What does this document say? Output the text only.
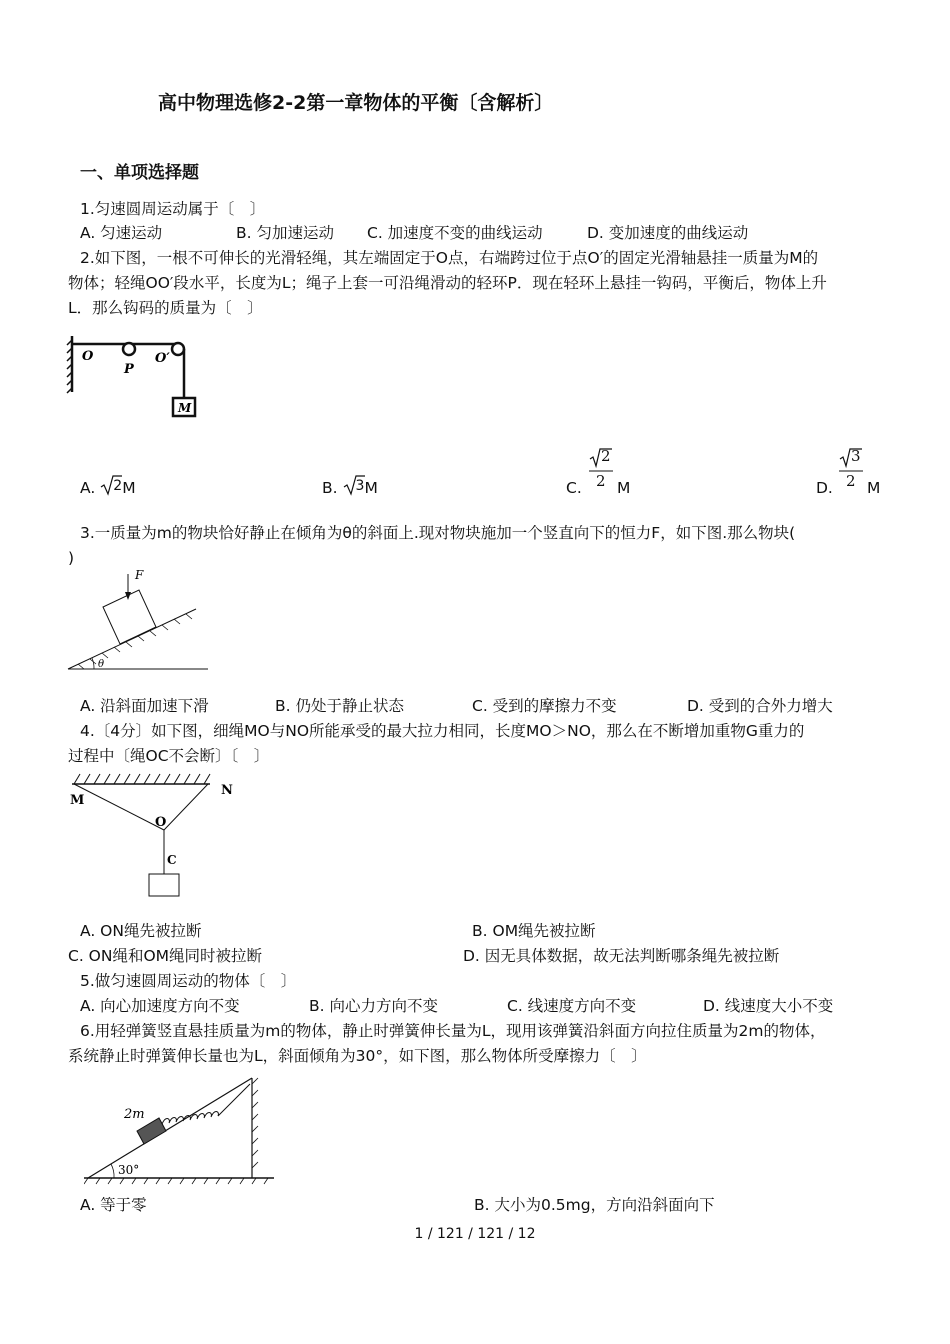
高中物理选修2-2第一章物体的平衡〔含解析〕
一、单项选择题
1.匀速圆周运动属于〔　〕
A. 匀速运动	B. 匀加速运动 C. 加速度不变的曲线运动	D. 变加速度的曲线运动
2.如下图，一根不可伸长的光滑轻绳，其左端固定于O点，右端跨过位于点O′的固定光滑轴悬挂一质量为M的
物体；轻绳OO′段水平，长度为L；绳子上套一可沿绳滑动的轻环P．现在轻环上悬挂一钩码，平衡后，物体上升
L．那么钩码的质量为〔　〕
O
P
O′
M
A. 2 M	B. 3 M	C.
2
2 M	D.
3
2 M
3.一质量为m的物块恰好静止在倾角为θ的斜面上.现对物块施加一个竖直向下的恒力F，如下图.那么物块(
)
F
θ
A. 沿斜面加速下滑	B. 仍处于静止状态	C. 受到的摩擦力不变	D. 受到的合外力增大
4.〔4分〕如下图，细绳MO与NO所能承受的最大拉力相同，长度MO＞NO，那么在不断增加重物G重力的
过程中〔绳OC不会断〕〔　〕
M
N
O
C
A. ON绳先被拉断	B. OM绳先被拉断
C. ON绳和OM绳同时被拉断	D. 因无具体数据，故无法判断哪条绳先被拉断
5.做匀速圆周运动的物体〔　〕
A. 向心加速度方向不变	B. 向心力方向不变	C. 线速度方向不变	D. 线速度大小不变
6.用轻弹簧竖直悬挂质量为m的物体，静止时弹簧伸长量为L，现用该弹簧沿斜面方向拉住质量为2m的物体，
系统静止时弹簧伸长量也为L，斜面倾角为30°，如下图，那么物体所受摩擦力〔　〕
2m
30°
A. 等于零	B. 大小为0.5mg，方向沿斜面向下
1 / 121 / 121 / 12
